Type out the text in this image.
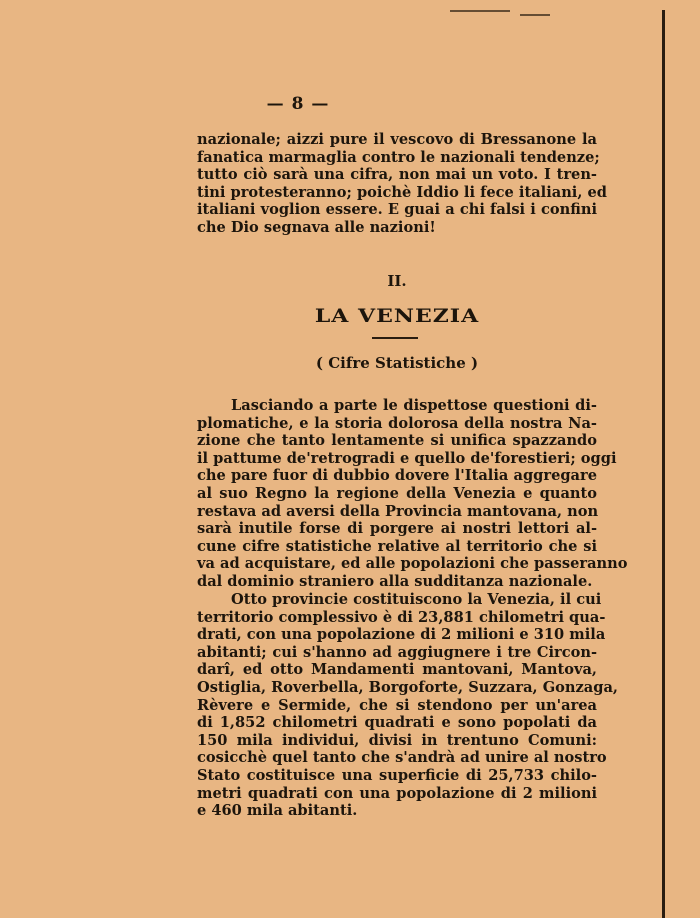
— 8 —
nazionale; aizzi pure il vescovo di Bressanone la
fanatica marmaglia contro le nazionali tendenze;
tutto ciò sarà una cifra, non mai un voto. I tren-
tini protesteranno; poichè Iddio li fece italiani, ed
italiani voglion essere. E guai a chi falsi i confini
che Dio segnava alle nazioni!
II.
LA VENEZIA
( Cifre Statistiche )
Lasciando a parte le dispettose questioni di-
plomatiche, e la storia dolorosa della nostra Na-
zione che tanto lentamente si unifica spazzando
il pattume de'retrogradi e quello de'forestieri; oggi
che pare fuor di dubbio dovere l'Italia aggregare
al suo Regno la regione della Venezia e quanto
restava ad aversi della Provincia mantovana, non
sarà inutile forse di porgere ai nostri lettori al-
cune cifre statistiche relative al territorio che si
va ad acquistare, ed alle popolazioni che passeranno
dal dominio straniero alla sudditanza nazionale.
Otto provincie costituiscono la Venezia, il cui
territorio complessivo è di 23,881 chilometri qua-
drati, con una popolazione di 2 milioni e 310 mila
abitanti; cui s'hanno ad aggiugnere i tre Circon-
darî, ed otto Mandamenti mantovani, Mantova,
Ostiglia, Roverbella, Borgoforte, Suzzara, Gonzaga,
Rèvere e Sermide, che si stendono per un'area
di 1,852 chilometri quadrati e sono popolati da
150 mila individui, divisi in trentuno Comuni:
cosicchè quel tanto che s'andrà ad unire al nostro
Stato costituisce una superficie di 25,733 chilo-
metri quadrati con una popolazione di 2 milioni
e 460 mila abitanti.
